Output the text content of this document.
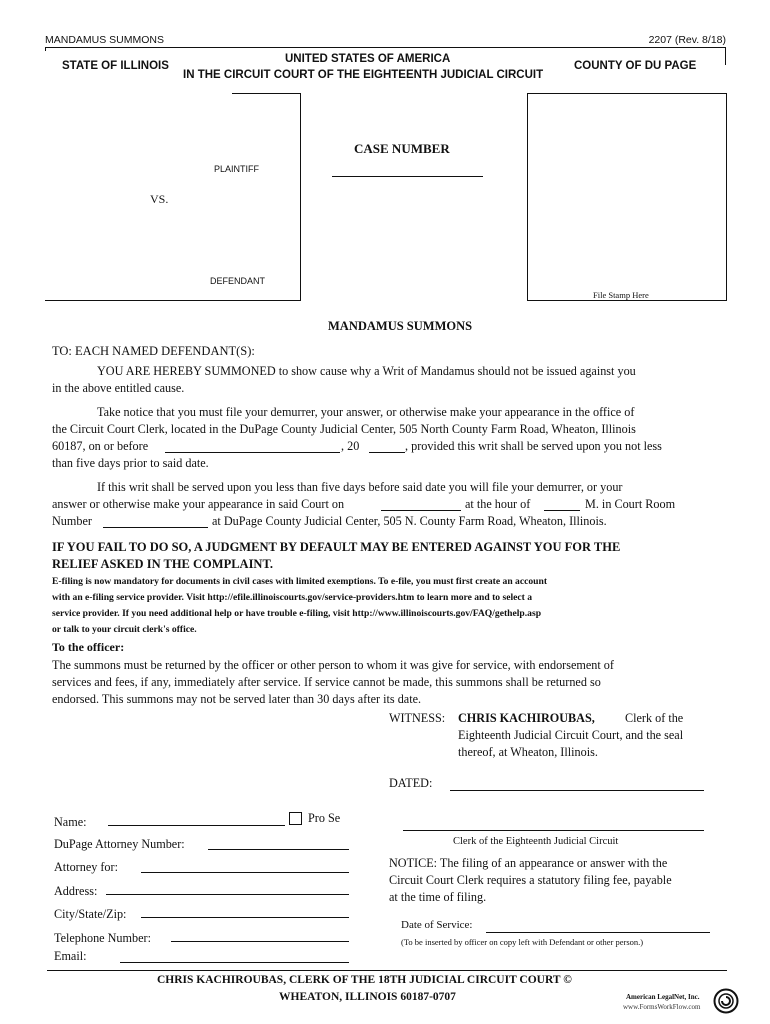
MANDAMUS SUMMONS	2207 (Rev. 8/18)
STATE OF ILLINOIS
UNITED STATES OF AMERICA
IN THE CIRCUIT COURT OF THE EIGHTEENTH JUDICIAL CIRCUIT
COUNTY OF DU PAGE
PLAINTIFF
VS.
DEFENDANT
CASE NUMBER
File Stamp Here
MANDAMUS SUMMONS
TO: EACH NAMED DEFENDANT(S):
YOU ARE HEREBY SUMMONED to show cause why a Writ of Mandamus should not be issued against you
in the above entitled cause.
Take notice that you must file your demurrer, your answer, or otherwise make your appearance in the office of
the Circuit Court Clerk, located in the DuPage County Judicial Center, 505 North County Farm Road, Wheaton, Illinois
60187, on or before	, 20	, provided this writ shall be served upon you not less
than five days prior to said date.
If this writ shall be served upon you less than five days before said date you will file your demurrer, or your
answer or otherwise make your appearance in said Court on	at the hour of	M. in Court Room
Number	at DuPage County Judicial Center, 505 N. County Farm Road, Wheaton, Illinois.
IF YOU FAIL TO DO SO, A JUDGMENT BY DEFAULT MAY BE ENTERED AGAINST YOU FOR THE
RELIEF ASKED IN THE COMPLAINT.
E-filing is now mandatory for documents in civil cases with limited exemptions. To e-file, you must first create an account
with an e-filing service provider. Visit http://efile.illinoiscourts.gov/service-providers.htm to learn more and to select a
service provider. If you need additional help or have trouble e-filing, visit http://www.illinoiscourts.gov/FAQ/gethelp.asp
or talk to your circuit clerk's office.
To the officer:
The summons must be returned by the officer or other person to whom it was give for service, with endorsement of
services and fees, if any, immediately after service. If service cannot be made, this summons shall be returned so
endorsed. This summons may not be served later than 30 days after its date.
WITNESS: CHRIS KACHIROUBAS, Clerk of the
Eighteenth Judicial Circuit Court, and the seal
thereof, at Wheaton, Illinois.
DATED:
Clerk of the Eighteenth Judicial Circuit
NOTICE: The filing of an appearance or answer with the
Circuit Court Clerk requires a statutory filing fee, payable
at the time of filing.
Date of Service:
(To be inserted by officer on copy left with Defendant or other person.)
Name:	Pro Se
DuPage Attorney Number:
Attorney for:
Address:
City/State/Zip:
Telephone Number:
Email:
CHRIS KACHIROUBAS, CLERK OF THE 18TH JUDICIAL CIRCUIT COURT ©
WHEATON, ILLINOIS 60187-0707	American LegalNet, Inc.
www.FormsWorkFlow.com
